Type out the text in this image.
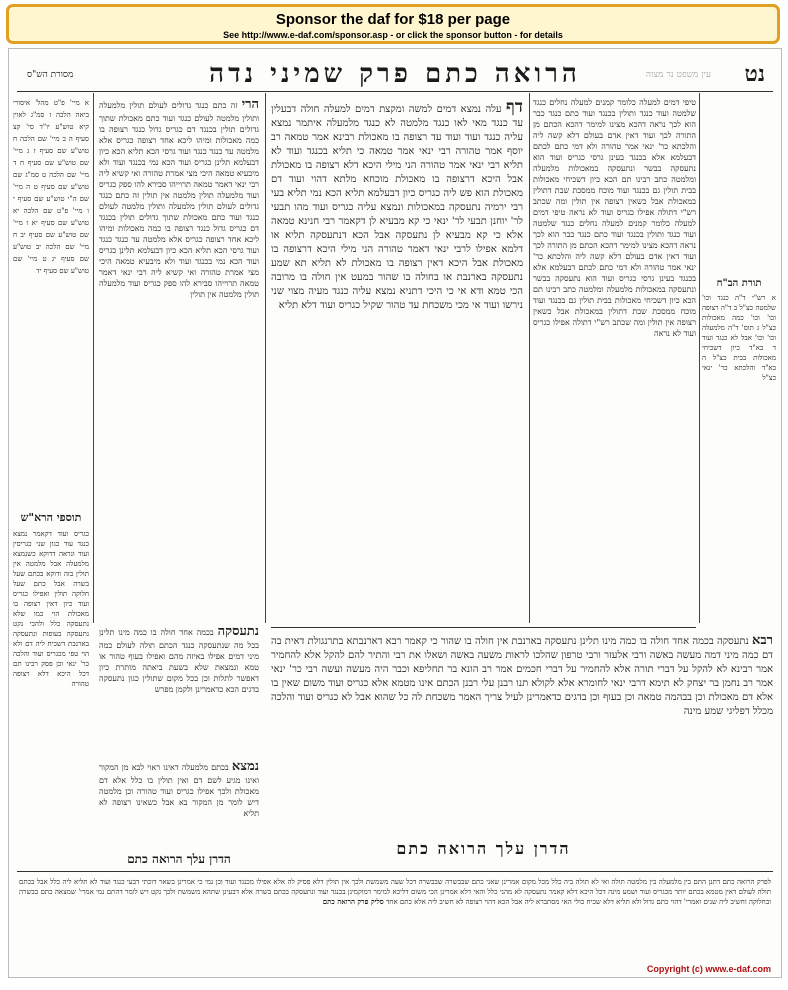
Sponsor the daf for $18 per page
See http://www.e-daf.com/sponsor.asp - or click the sponsor button - for details
נט
הרואה כתם פרק שמיני נדה
מסורת הש"ס	עין משפט נר מצוה
תורת הב"ח
א רש"י ד"ה כנגד וכו' שלמטה כצ"ל ב ד"ה רצופה וכו' וכו' כמה מאכולות כצ"ל ג תוס' ד"ה מלמעלה וכו' וכו' אבל לא כנגד ועוד ד בא"ד כיון דשכיחי מאכולות בבית כצ"ל ה בא"ד והלכתא כר' ינאי כצ"ל
טיפי דמים למעלה כלומר קמנים למעלה נחלים כנגד שלמטה ועוד כנגד ותולין בכנגד ועוד כתם כנגד כבר הוא לכך נראה דהכא מצינו למימר דהכא הכתם מן התורה לכך ועוד דאין אדם בעולם דלא קשה ליה והלכתא כר' ינאי אמר טהורה ולא דמי כתם לכתם דבעלמא אלא בכנגד בעינן גרסי כגריס ועוד הוא נתעסקה בבשר ונתעסקה במאכולות מלמעלה ומלמטה כתב רבינו תם הכא כיון דשכיחי מאכולות בבית תולין גם בכנגד ועוד מוכח ממסכת שבת דתולין במאכולת אבל כשאין רצופה אין תולין ומה שכתב רש"י דתולה אפילו כגריס ועוד לא נראה טיפי דמים למעלה כלומר קמנים למעלה נחלים כנגד שלמטה ועוד כנגד ותולין בכנגד ועוד כתם כנגד כבר הוא לכך נראה דהכא מצינו למימר דהכא הכתם מן התורה לכך ועוד דאין אדם בעולם דלא קשה ליה והלכתא כר' ינאי אמר טהורה ולא דמי כתם לכתם דבעלמא אלא בכנגד בעינן גרסי כגריס ועוד הוא נתעסקה בבשר ונתעסקה במאכולות מלמעלה ומלמטה כתב רבינו תם הכא כיון דשכיחי מאכולות בבית תולין גם בכנגד ועוד מוכח ממסכת שבת דתולין במאכולת אבל כשאין רצופה אין תולין ומה שכתב רש"י דתולה אפילו כגריס ועוד לא נראה
דף עלה נמצא דמים למשה ומקצת דמים למעלה חולה דבעלין עד כנגד מאי לאו כנגד מלמטה לא כנגד מלמעלה איתמר נמצא עליה כנגד ועוד ועוד עד רצופה בו מאכולת רבינא אמר טמאה רב יוסף אמר טהורה רבי ינאי אמר טמאה כי תליא בכנגד ועוד לא תליא רבי ינאי אמר טהורה הני מילי היכא דלא רצופה בו מאכולת אבל היכא דרצופה בו מאכולת מוכחא מלתא דהוי ועוד דם מאכולת הוא פש ליה כגריס כיון דבעלמא תליא הכא נמי תליא בעי רבי ירמיה נתעסקה במאכולות ונמצא עליה כגריס ועוד מהו תבעי לר' יוחנן תבעי לר' ינאי כי קא מבעיא לן דקאמר רבי חנינא טמאה אלא כי קא מבעיא לן נתעסקה אבל הכא דנתעסקה תליא או דלמא אפילו לרבי ינאי דאמר טהורה הני מילי היכא דרצופה בו מאכולת אבל היכא דאין רצופה בו מאכולת לא תליא תא שמע נתעסקה בארנבת או בחולה בו שהור במעט אין חולה בו מרובה הכי טמא ודא אי כי היכי דתניא נמצא עליה כנגד מעיה מצוי שני נירשו ועוד אי מכי משכחת עד טהור שקיל כגריס ועוד דלא תליא
הרי זה כתם כנגד גדולים לעולם תולין מלמעלה ותולין מלמטה לעולם כנגד ועוד כתם מאכולת שתוך גדולים תולין בכנגד דם כגריס גדול כנגד רצופה בו כמה מאכולות ומיהו ליכא אחד רצופה כגריס אלא מלמטה עד כנגד כנגד ועוד גרסי הכא תליא הכא כיון דבעלמא תלינן כגריס ועוד הכא נמי בכנגד ועוד ולא מיבעיא טמאה היכי מצי אמרת טהורה ואי קשיא ליה רבי ינאי דאמר טמאה תרוייהו סבירא להו ספק כגריס ועוד מלמעלה תולין מלמטה אין תולין זה כתם כנגד גדולים לעולם תולין מלמעלה ותולין מלמטה לעולם כנגד ועוד כתם מאכולת שתוך גדולים תולין בכנגד דם כגריס גדול כנגד רצופה בו כמה מאכולות ומיהו ליכא אחד רצופה כגריס אלא מלמטה עד כנגד כנגד ועוד גרסי הכא תליא הכא כיון דבעלמא תלינן כגריס ועוד הכא נמי בכנגד ועוד ולא מיבעיא טמאה היכי מצי אמרת טהורה ואי קשיא ליה רבי ינאי דאמר טמאה תרוייהו סבירא להו ספק כגריס ועוד מלמעלה תולין מלמטה אין תולין
א מיי' פ"ט מהל' איסורי ביאה הלכה ז סמ"ג לאוין קיא טוש"ע יו"ד סי' קצ סעיף ה ב מיי' שם הלכה ח טוש"ע שם סעיף ז ג מיי' שם טוש"ע שם סעיף ח ד מיי' שם הלכה ט סמ"ג שם טוש"ע שם סעיף ט ה מיי' שם ה"י טוש"ע שם סעיף י ו מיי' פ"ט שם הלכה יא טוש"ע שם סעיף יא ז מיי' שם טוש"ע שם סעיף יב ח מיי' שם הלכה יב טוש"ע שם סעיף יג ט מיי' שם טוש"ע שם סעיף יד
תוספי הרא"ש
כגריס ועוד דקאמר נמצא כנגד עוד כגון שני כגריסין ועוד ונראה דדוקא כשנמצא מלמעלה אבל מלמטה אין תולין בזה ודוקא בכתם שעל בשרה אבל כתם שעל חלוקה תולין ואפילו כגריס ועוד כיון דאין רצופה בו מאכולת הוי כמו שלא נתעסקה כלל ולהכי נקט נתעסקה בעופות ונתעסקה בארנבת דשכיח ליה דם ולא הוי טפי מכגריס ועוד והלכה כר' ינאי וכן פסק רבינו תם דכל היכא דלא רצופה טהורה
נתעסקה בכמה אחד חולה בו כמה מינו תלינן בכל מה שנתעסקה כנגד הכתם תולה לעולם כמה מיני דמים אפילו באיזה מהם ואפילו בעוף טהור או טמא ונמצאת שלא בשעת ביאתה מותרת כיון דאפשר לתלות וכן בכל מקום שתולין כגון נתעסקה בדגים הכא כדאמרינן ולקמן מפרש
נמצא בכתם מלמעלה דאינו ראוי לבא מן המקור ואינו מגיע לשם דם ואין תולין בו כלל אלא דם מאכולת ולכך אפילו כגריס ועוד טהורה וכן מלמטה דיש לומר מן המקור בא אבל כשאינו רצופה לא תליא
הדרן עלך הרואה כתם
רבא נתעסקה בכמה אחד חולה בו כמה מינו תלינן נתעסקה בארנבת אין חולה בו שהור כי קאמר רבא דארנבתא בתרנגולת דאית בה דם כמה מיני דמה מעשה באשה ורבי אלעזר ורבי טרפון שהלכו לראות משעה באשה ושאלו את רבי והתיר להם להקל אלא להחמיר אמר רבינא לא להקל על דברי תורה אלא להחמיר על דברי חכמים אמר רב הונא בר תחליפא וכבר היה מעשה ועשה רבי כר' ינאי אמר רב נחמן בר יצחק לא תימא דרבי ינאי לחומרא אלא לקולא תנו רבנן עלי רבנן הכתם אינו מטמא אלא כגריס ועוד משום שאין בו אלא דם מאכולת וכן בבהמה טמאה וכן בעוף וכן בדגים כדאמרינן לעיל צריך האמר משכחת לה כל שהוא אבל לא כגריס ועוד והלכה מכלל דפליגי שמע מינה
הדרן עלך הרואה כתם
לפרק הרואה כתם דתנן התם בין מלמעלה בין מלמטה תולה ואי לא תולה ביה כלל מכל מקום אמרינן שאני כתם שבבשרה שבבשרה דכל שעה משמשת ולכך אין תולין דלא פסיק לה אלא אפילו מכנגד ועוד וכן נמי כי אמרינן בשאר דוכתי דבעי כנגד ועוד לא תליא ליה כלל אבל בכתם תולה לעולם דאין מטמא בכתם יותר מכגריס ועוד ושמע מינה דכל היכא דלא קאמר נתעסקה לא מהני כלל והאי דלא אמרינן הכי משום דליכא למימר דמוקמינן בכנגד ועוד ונתעסקה בכתם בשרה אלא דבעינן שתהא משמשת ולכך נקט ויש לומר דהתם נמי אמרי' שמצאה כתם בבשרה ובחלוקה וחשיב ליה שנים ואמרי' דהוי כתם גדול ולא תליא דלא שכיח כולי האי מסתברא ליה אבל הכא דהוי רצופה לא חשיב ליה אלא כתם אחד סליק פרק הרואה כתם
Copyright (c) www.e-daf.com
